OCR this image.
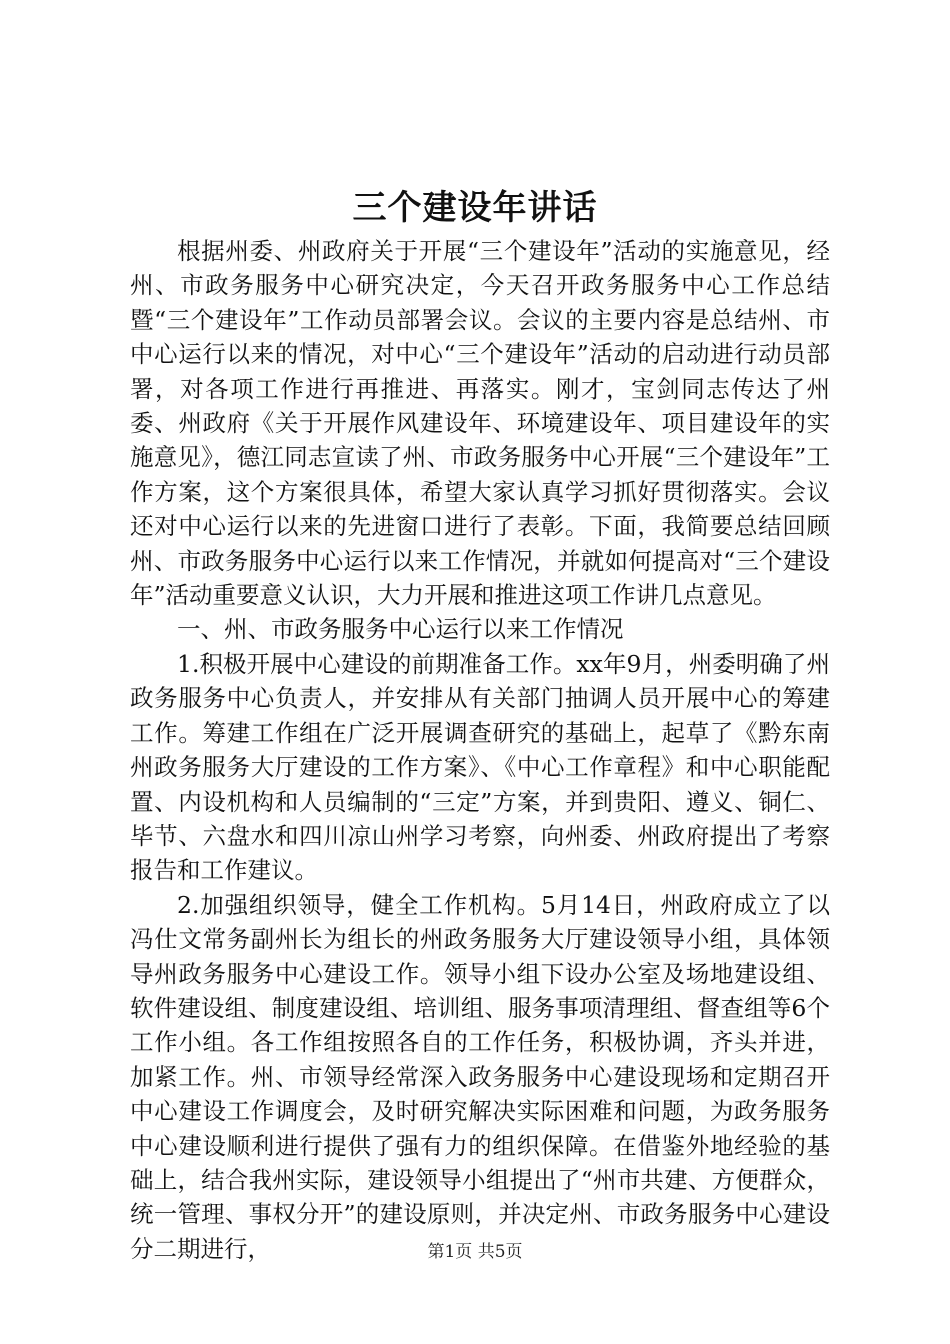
三个建设年讲话

根据州委、州政府关于开展“三个建设年”活动的实施意见，经州、市政务服务中心研究决定，今天召开政务服务中心工作总结暨“三个建设年”工作动员部署会议。会议的主要内容是总结州、市中心运行以来的情况，对中心“三个建设年”活动的启动进行动员部署，对各项工作进行再推进、再落实。刚才，宝剑同志传达了州委、州政府《关于开展作风建设年、环境建设年、项目建设年的实施意见》，德江同志宣读了州、市政务服务中心开展“三个建设年”工作方案，这个方案很具体，希望大家认真学习抓好贯彻落实。会议还对中心运行以来的先进窗口进行了表彰。下面，我简要总结回顾州、市政务服务中心运行以来工作情况，并就如何提高对“三个建设年”活动重要意义认识，大力开展和推进这项工作讲几点意见。

一、州、市政务服务中心运行以来工作情况

1.积极开展中心建设的前期准备工作。xx年9月，州委明确了州政务服务中心负责人，并安排从有关部门抽调人员开展中心的筹建工作。筹建工作组在广泛开展调查研究的基础上，起草了《黔东南州政务服务大厅建设的工作方案》、《中心工作章程》和中心职能配置、内设机构和人员编制的“三定”方案，并到贵阳、遵义、铜仁、毕节、六盘水和四川凉山州学习考察，向州委、州政府提出了考察报告和工作建议。

2.加强组织领导，健全工作机构。5月14日，州政府成立了以冯仕文常务副州长为组长的州政务服务大厅建设领导小组，具体领导州政务服务中心建设工作。领导小组下设办公室及场地建设组、软件建设组、制度建设组、培训组、服务事项清理组、督查组等6个工作小组。各工作组按照各自的工作任务，积极协调，齐头并进，加紧工作。州、市领导经常深入政务服务中心建设现场和定期召开中心建设工作调度会，及时研究解决实际困难和问题，为政务服务中心建设顺利进行提供了强有力的组织保障。在借鉴外地经验的基础上，结合我州实际，建设领导小组提出了“州市共建、方便群众，统一管理、事权分开”的建设原则，并决定州、市政务服务中心建设分二期进行，	第1页 共5页
